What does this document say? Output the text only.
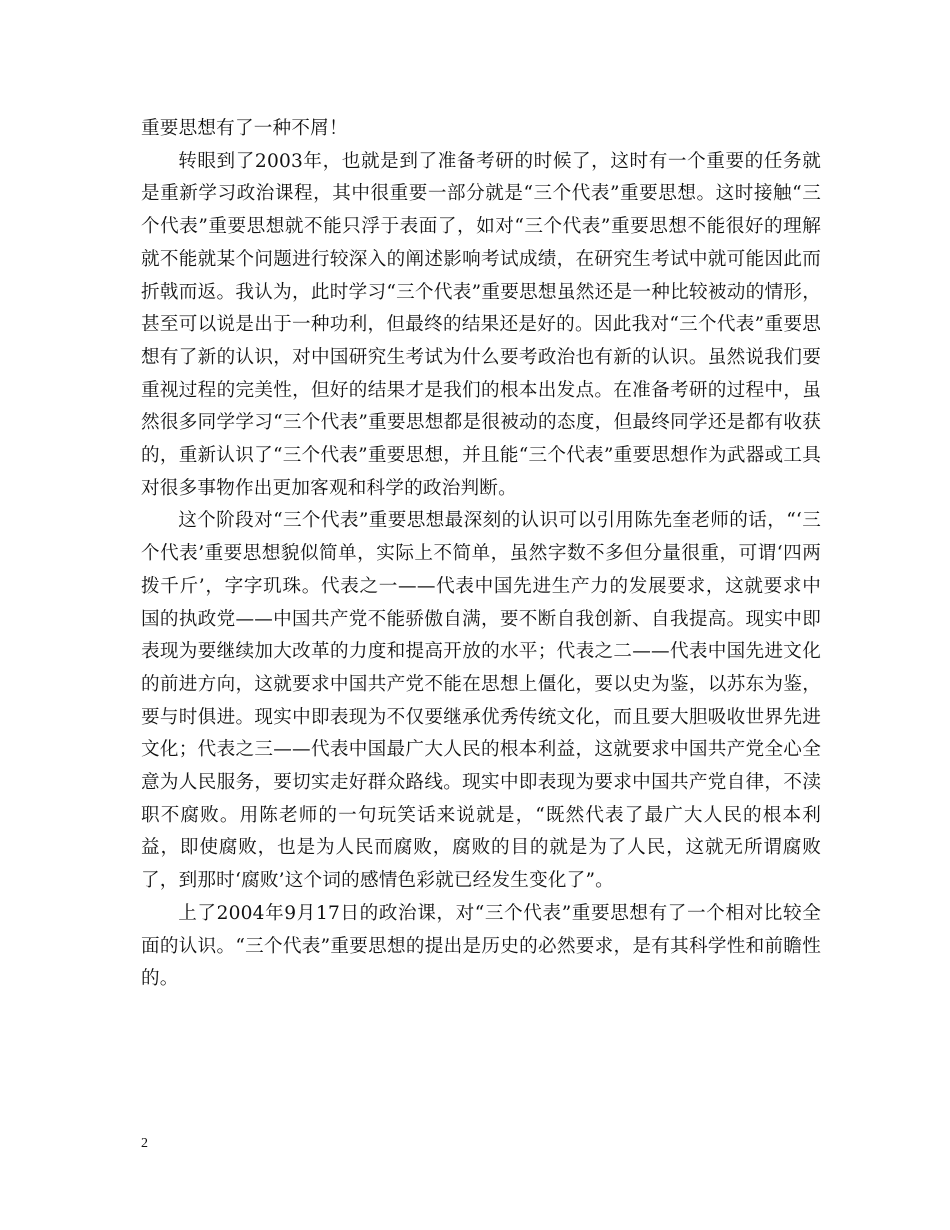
重要思想有了一种不屑！

转眼到了2003年，也就是到了准备考研的时候了，这时有一个重要的任务就是重新学习政治课程，其中很重要一部分就是“三个代表”重要思想。这时接触“三个代表”重要思想就不能只浮于表面了，如对“三个代表”重要思想不能很好的理解就不能就某个问题进行较深入的阐述影响考试成绩，在研究生考试中就可能因此而折戟而返。我认为，此时学习“三个代表”重要思想虽然还是一种比较被动的情形，甚至可以说是出于一种功利，但最终的结果还是好的。因此我对“三个代表”重要思想有了新的认识，对中国研究生考试为什么要考政治也有新的认识。虽然说我们要重视过程的完美性，但好的结果才是我们的根本出发点。在准备考研的过程中，虽然很多同学学习“三个代表”重要思想都是很被动的态度，但最终同学还是都有收获的，重新认识了“三个代表”重要思想，并且能“三个代表”重要思想作为武器或工具对很多事物作出更加客观和科学的政治判断。

这个阶段对“三个代表”重要思想最深刻的认识可以引用陈先奎老师的话，“‘三个代表’重要思想貌似简单，实际上不简单，虽然字数不多但分量很重，可谓‘四两拨千斤’，字字玑珠。代表之一——代表中国先进生产力的发展要求，这就要求中国的执政党——中国共产党不能骄傲自满，要不断自我创新、自我提高。现实中即表现为要继续加大改革的力度和提高开放的水平；代表之二——代表中国先进文化的前进方向，这就要求中国共产党不能在思想上僵化，要以史为鉴，以苏东为鉴，要与时俱进。现实中即表现为不仅要继承优秀传统文化，而且要大胆吸收世界先进文化；代表之三——代表中国最广大人民的根本利益，这就要求中国共产党全心全意为人民服务，要切实走好群众路线。现实中即表现为要求中国共产党自律，不渎职不腐败。用陈老师的一句玩笑话来说就是，“既然代表了最广大人民的根本利益，即使腐败，也是为人民而腐败，腐败的目的就是为了人民，这就无所谓腐败了，到那时‘腐败’这个词的感情色彩就已经发生变化了”。

上了2004年9月17日的政治课，对“三个代表”重要思想有了一个相对比较全面的认识。“三个代表”重要思想的提出是历史的必然要求，是有其科学性和前瞻性的。

2
